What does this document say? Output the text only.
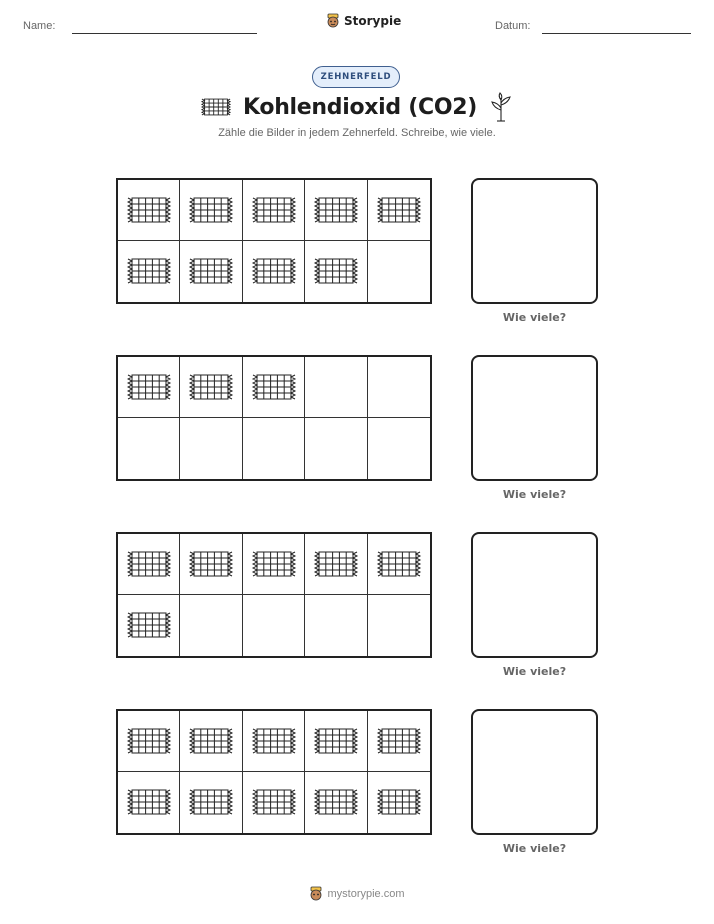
Name:	Storypie	Datum:
ZEHNERFELD
Kohlendioxid (CO2)
Zähle die Bilder in jedem Zehnerfeld. Schreibe, wie viele.
Wie viele?
Wie viele?
Wie viele?
Wie viele?
mystorypie.com
